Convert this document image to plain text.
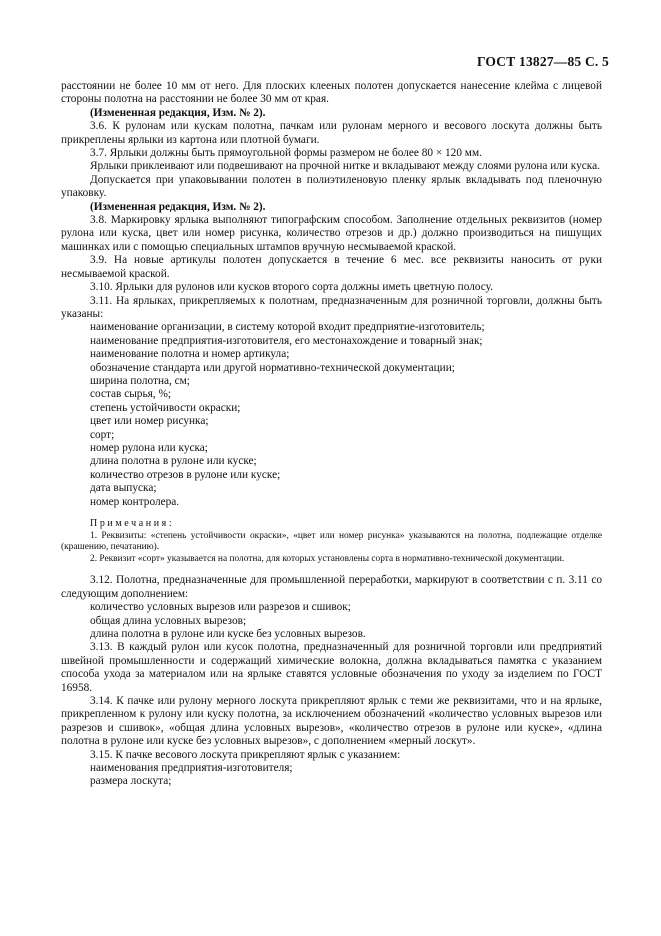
ГОСТ 13827—85 С. 5

расстоянии не более 10 мм от него. Для плоских клееных полотен допускается нанесение клейма с лицевой стороны полотна на расстоянии не более 30 мм от края.

(Измененная редакция, Изм. № 2).

3.6. К рулонам или кускам полотна, пачкам или рулонам мерного и весового лоскута должны быть прикреплены ярлыки из картона или плотной бумаги.

3.7. Ярлыки должны быть прямоугольной формы размером не более 80 × 120 мм.

Ярлыки приклеивают или подвешивают на прочной нитке и вкладывают между слоями рулона или куска.

Допускается при упаковывании полотен в полиэтиленовую пленку ярлык вкладывать под пленочную упаковку.

(Измененная редакция, Изм. № 2).

3.8. Маркировку ярлыка выполняют типографским способом. Заполнение отдельных реквизитов (номер рулона или куска, цвет или номер рисунка, количество отрезов и др.) должно производиться на пишущих машинках или с помощью специальных штампов вручную несмываемой краской.

3.9. На новые артикулы полотен допускается в течение 6 мес. все реквизиты наносить от руки несмываемой краской.

3.10. Ярлыки для рулонов или кусков второго сорта должны иметь цветную полосу.

3.11. На ярлыках, прикрепляемых к полотнам, предназначенным для розничной торговли, должны быть указаны:

наименование организации, в систему которой входит предприятие-изготовитель;

наименование предприятия-изготовителя, его местонахождение и товарный знак;

наименование полотна и номер артикула;

обозначение стандарта или другой нормативно-технической документации;

ширина полотна, см;

состав сырья, %;

степень устойчивости окраски;

цвет или номер рисунка;

сорт;

номер рулона или куска;

длина полотна в рулоне или куске;

количество отрезов в рулоне или куске;

дата выпуска;

номер контролера.

Примечания:

1. Реквизиты: «степень устойчивости окраски», «цвет или номер рисунка» указываются на полотна, подлежащие отделке (крашению, печатанию).

2. Реквизит «сорт» указывается на полотна, для которых установлены сорта в нормативно-технической документации.

3.12. Полотна, предназначенные для промышленной переработки, маркируют в соответствии с п. 3.11 со следующим дополнением:

количество условных вырезов или разрезов и сшивок;

общая длина условных вырезов;

длина полотна в рулоне или куске без условных вырезов.

3.13. В каждый рулон или кусок полотна, предназначенный для розничной торговли или предприятий швейной промышленности и содержащий химические волокна, должна вкладываться памятка с указанием способа ухода за материалом или на ярлыке ставятся условные обозначения по уходу за изделием по ГОСТ 16958.

3.14. К пачке или рулону мерного лоскута прикрепляют ярлык с теми же реквизитами, что и на ярлыке, прикрепленном к рулону или куску полотна, за исключением обозначений «количество условных вырезов или разрезов и сшивок», «общая длина условных вырезов», «количество отрезов в рулоне или куске», «длина полотна в рулоне или куске без условных вырезов», с дополнением «мерный лоскут».

3.15. К пачке весового лоскута прикрепляют ярлык с указанием:

наименования предприятия-изготовителя;

размера лоскута;
